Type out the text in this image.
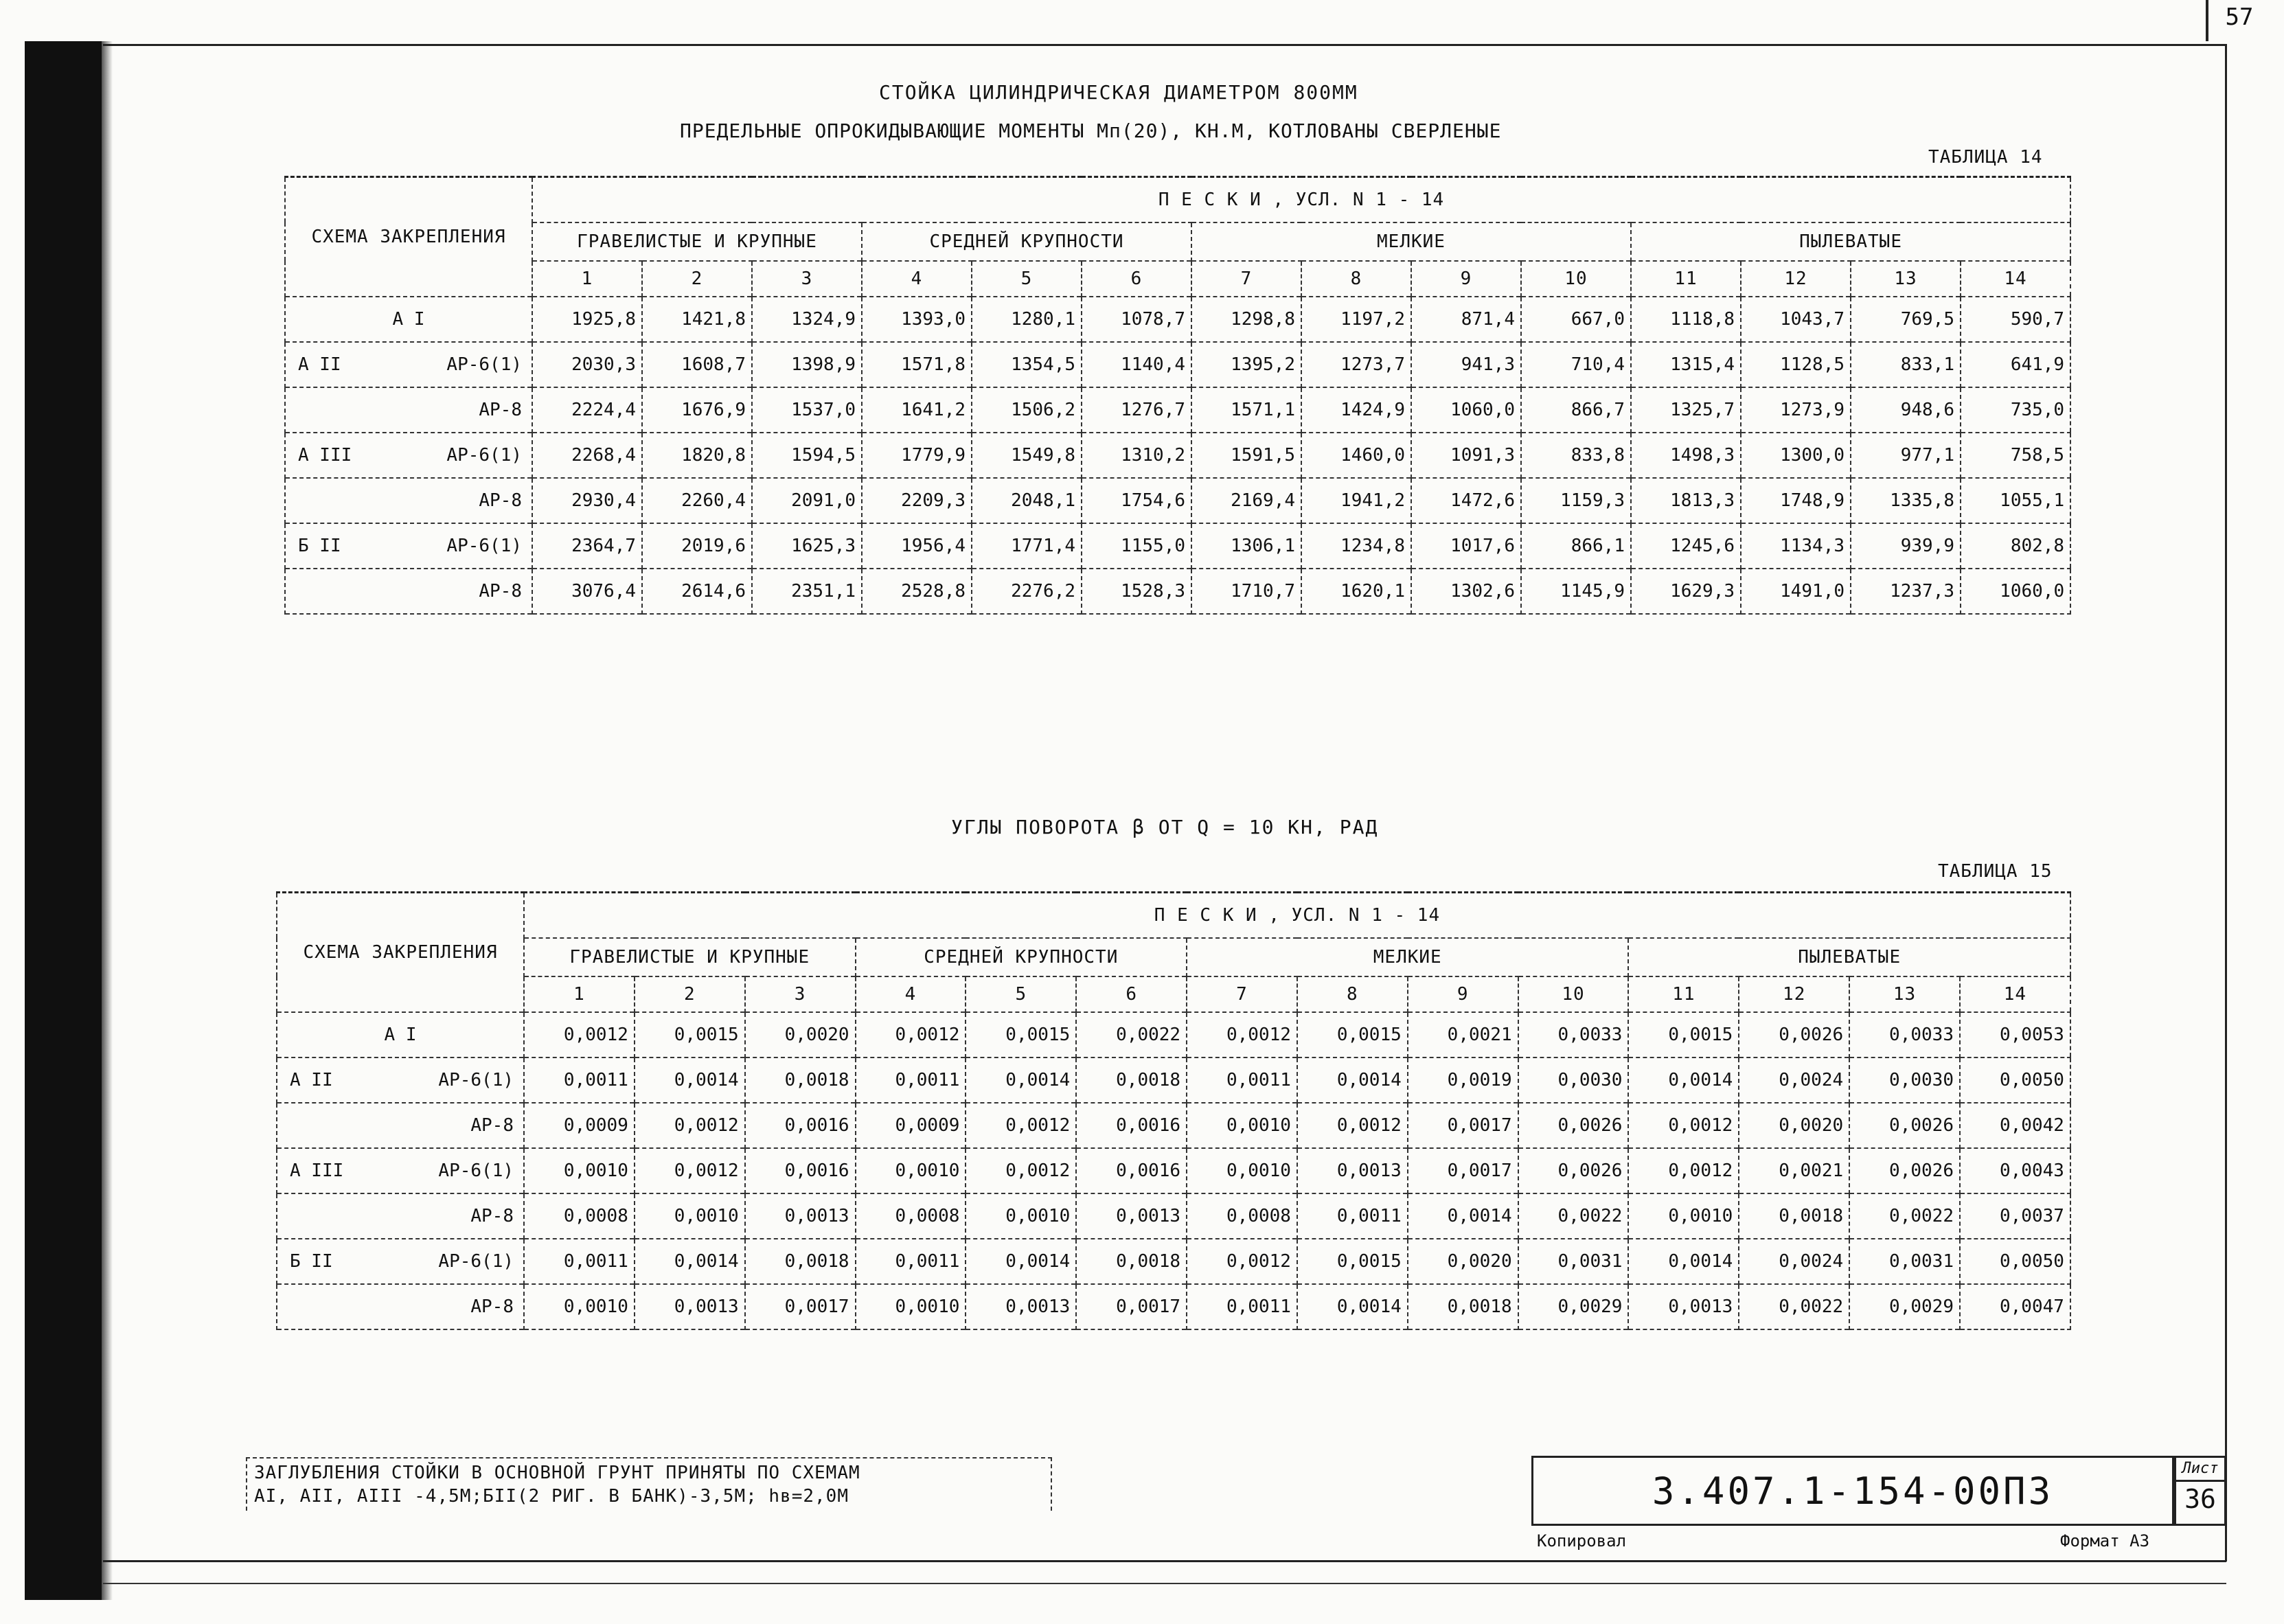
57
СТОЙКА ЦИЛИНДРИЧЕСКАЯ ДИАМЕТРОМ 800ММ
ПРЕДЕЛЬНЫЕ ОПРОКИДЫВАЮЩИЕ МОМЕНТЫ Мп(20), КН.М, КОТЛОВАНЫ СВЕРЛЕНЫЕ
ТАБЛИЦА 14
СХЕМА ЗАКРЕПЛЕНИЯ	П Е С К И , УСЛ. N 1 - 14													
	ГРАВЕЛИСТЫЕ И КРУПНЫЕ			СРЕДНЕЙ КРУПНОСТИ			МЕЛКИЕ				ПЫЛЕВАТЫЕ			
	1	2	3	4	5	6	7	8	9	10	11	12	13	14
А I	1925,8	1421,8	1324,9	1393,0	1280,1	1078,7	1298,8	1197,2	871,4	667,0	1118,8	1043,7	769,5	590,7

А II АР-6(1)	2030,3	1608,7	1398,9	1571,8	1354,5	1140,4	1395,2	1273,7	941,3	710,4	1315,4	1128,5	833,1	641,9

АР-8	2224,4	1676,9	1537,0	1641,2	1506,2	1276,7	1571,1	1424,9	1060,0	866,7	1325,7	1273,9	948,6	735,0

А III АР-6(1)	2268,4	1820,8	1594,5	1779,9	1549,8	1310,2	1591,5	1460,0	1091,3	833,8	1498,3	1300,0	977,1	758,5

АР-8	2930,4	2260,4	2091,0	2209,3	2048,1	1754,6	2169,4	1941,2	1472,6	1159,3	1813,3	1748,9	1335,8	1055,1

Б II АР-6(1)	2364,7	2019,6	1625,3	1956,4	1771,4	1155,0	1306,1	1234,8	1017,6	866,1	1245,6	1134,3	939,9	802,8

АР-8	3076,4	2614,6	2351,1	2528,8	2276,2	1528,3	1710,7	1620,1	1302,6	1145,9	1629,3	1491,0	1237,3	1060,0
УГЛЫ ПОВОРОТА β ОТ Q = 10 КН, РАД
ТАБЛИЦА 15
СХЕМА ЗАКРЕПЛЕНИЯ	П Е С К И , УСЛ. N 1 - 14													
	ГРАВЕЛИСТЫЕ И КРУПНЫЕ			СРЕДНЕЙ КРУПНОСТИ			МЕЛКИЕ				ПЫЛЕВАТЫЕ			
	1	2	3	4	5	6	7	8	9	10	11	12	13	14
А I	0,0012	0,0015	0,0020	0,0012	0,0015	0,0022	0,0012	0,0015	0,0021	0,0033	0,0015	0,0026	0,0033	0,0053

А II АР-6(1)	0,0011	0,0014	0,0018	0,0011	0,0014	0,0018	0,0011	0,0014	0,0019	0,0030	0,0014	0,0024	0,0030	0,0050

АР-8	0,0009	0,0012	0,0016	0,0009	0,0012	0,0016	0,0010	0,0012	0,0017	0,0026	0,0012	0,0020	0,0026	0,0042

А III АР-6(1)	0,0010	0,0012	0,0016	0,0010	0,0012	0,0016	0,0010	0,0013	0,0017	0,0026	0,0012	0,0021	0,0026	0,0043

АР-8	0,0008	0,0010	0,0013	0,0008	0,0010	0,0013	0,0008	0,0011	0,0014	0,0022	0,0010	0,0018	0,0022	0,0037

Б II АР-6(1)	0,0011	0,0014	0,0018	0,0011	0,0014	0,0018	0,0012	0,0015	0,0020	0,0031	0,0014	0,0024	0,0031	0,0050

АР-8	0,0010	0,0013	0,0017	0,0010	0,0013	0,0017	0,0011	0,0014	0,0018	0,0029	0,0013	0,0022	0,0029	0,0047
ЗАГЛУБЛЕНИЯ СТОЙКИ В ОСНОВНОЙ ГРУНТ ПРИНЯТЫ ПО СХЕМАМ
АI, АII, АIII -4,5М;БII(2 РИГ. В БАНК)-3,5М; hв=2,0М	3.407.1-154-00П3
Лист
36
Копировал	Формат А3
